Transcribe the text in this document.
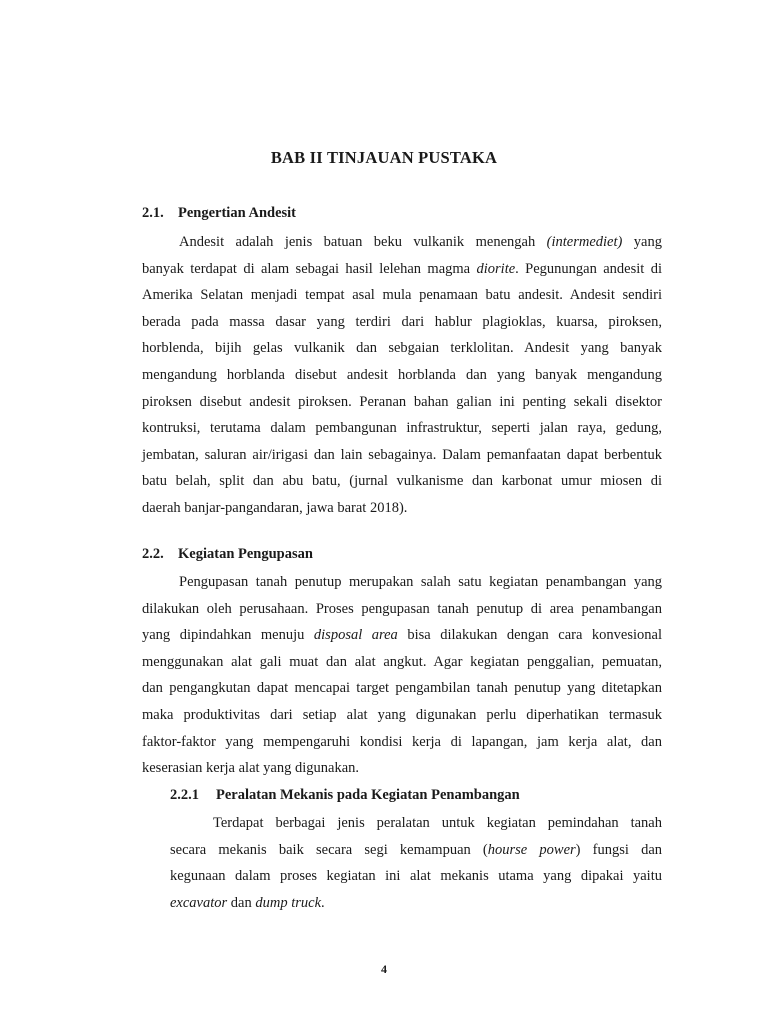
BAB II TINJAUAN PUSTAKA
2.1. Pengertian Andesit
Andesit adalah jenis batuan beku vulkanik menengah (intermediet) yang
banyak terdapat di alam sebagai hasil lelehan magma diorite. Pegunungan andesit di
Amerika Selatan menjadi tempat asal mula penamaan batu andesit. Andesit sendiri
berada pada massa dasar yang terdiri dari hablur plagioklas, kuarsa, piroksen,
horblenda, bijih gelas vulkanik dan sebgaian terklolitan. Andesit yang banyak
mengandung horblanda disebut andesit horblanda dan yang banyak mengandung
piroksen disebut andesit piroksen. Peranan bahan galian ini penting sekali disektor
kontruksi, terutama dalam pembangunan infrastruktur, seperti jalan raya, gedung,
jembatan, saluran air/irigasi dan lain sebagainya. Dalam pemanfaatan dapat berbentuk
batu belah, split dan abu batu, (jurnal vulkanisme dan karbonat umur miosen di
daerah banjar-pangandaran, jawa barat 2018).
2.2. Kegiatan Pengupasan
Pengupasan tanah penutup merupakan salah satu kegiatan penambangan yang
dilakukan oleh perusahaan. Proses pengupasan tanah penutup di area penambangan
yang dipindahkan menuju disposal area bisa dilakukan dengan cara konvesional
menggunakan alat gali muat dan alat angkut. Agar kegiatan penggalian, pemuatan,
dan pengangkutan dapat mencapai target pengambilan tanah penutup yang ditetapkan
maka produktivitas dari setiap alat yang digunakan perlu diperhatikan termasuk
faktor-faktor yang mempengaruhi kondisi kerja di lapangan, jam kerja alat, dan
keserasian kerja alat yang digunakan.
2.2.1 Peralatan Mekanis pada Kegiatan Penambangan
Terdapat berbagai jenis peralatan untuk kegiatan pemindahan tanah
secara mekanis baik secara segi kemampuan (hourse power) fungsi dan
kegunaan dalam proses kegiatan ini alat mekanis utama yang dipakai yaitu
excavator dan dump truck.
4
